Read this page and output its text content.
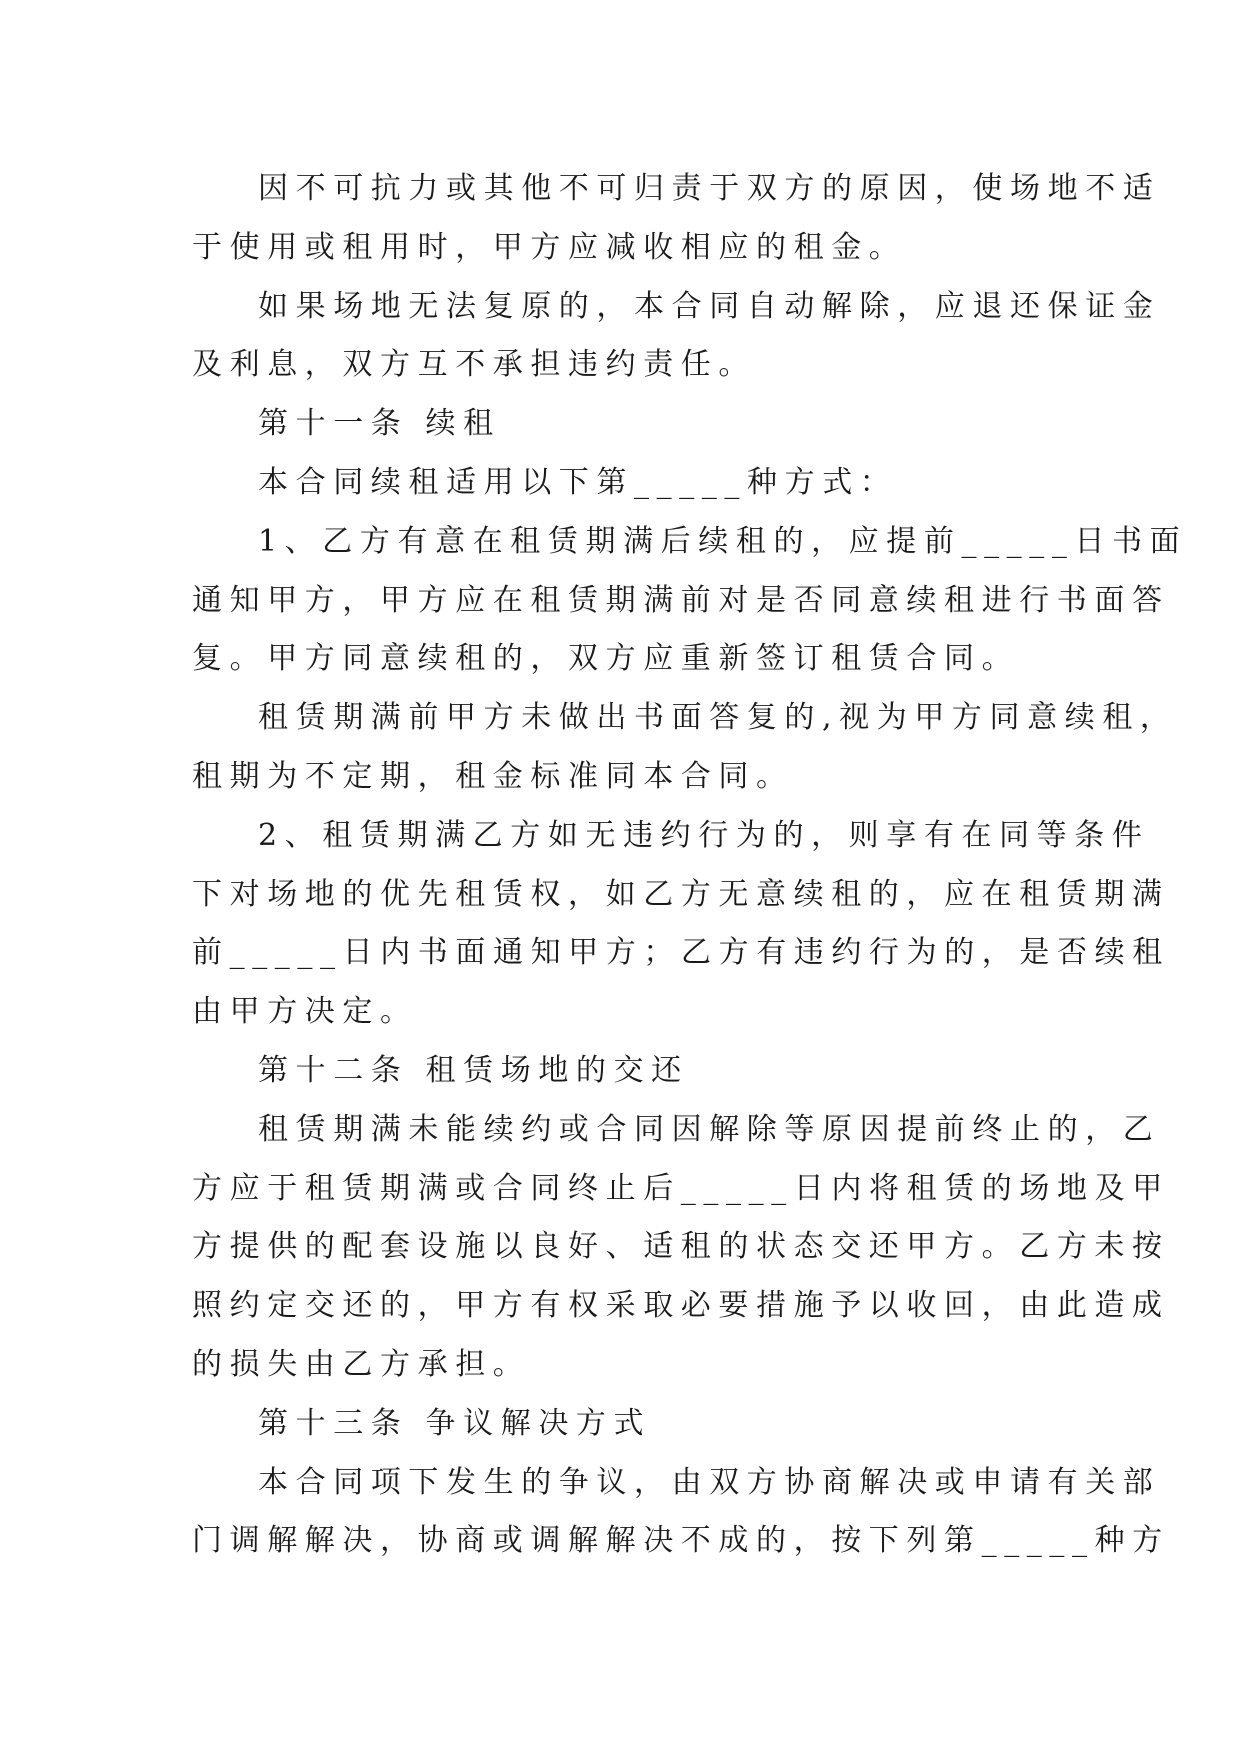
因不可抗力或其他不可归责于双方的原因，使场地不适
于使用或租用时，甲方应减收相应的租金。
如果场地无法复原的，本合同自动解除，应退还保证金
及利息，双方互不承担违约责任。
第十一条 续租
本合同续租适用以下第_____种方式：
1、乙方有意在租赁期满后续租的，应提前_____日书面
通知甲方，甲方应在租赁期满前对是否同意续租进行书面答
复。甲方同意续租的，双方应重新签订租赁合同。
租赁期满前甲方未做出书面答复的,视为甲方同意续租，
租期为不定期，租金标准同本合同。
2、租赁期满乙方如无违约行为的，则享有在同等条件
下对场地的优先租赁权，如乙方无意续租的，应在租赁期满
前_____日内书面通知甲方；乙方有违约行为的，是否续租
由甲方决定。
第十二条 租赁场地的交还
租赁期满未能续约或合同因解除等原因提前终止的，乙
方应于租赁期满或合同终止后_____日内将租赁的场地及甲
方提供的配套设施以良好、适租的状态交还甲方。乙方未按
照约定交还的，甲方有权采取必要措施予以收回，由此造成
的损失由乙方承担。
第十三条 争议解决方式
本合同项下发生的争议，由双方协商解决或申请有关部
门调解解决，协商或调解解决不成的，按下列第_____种方
